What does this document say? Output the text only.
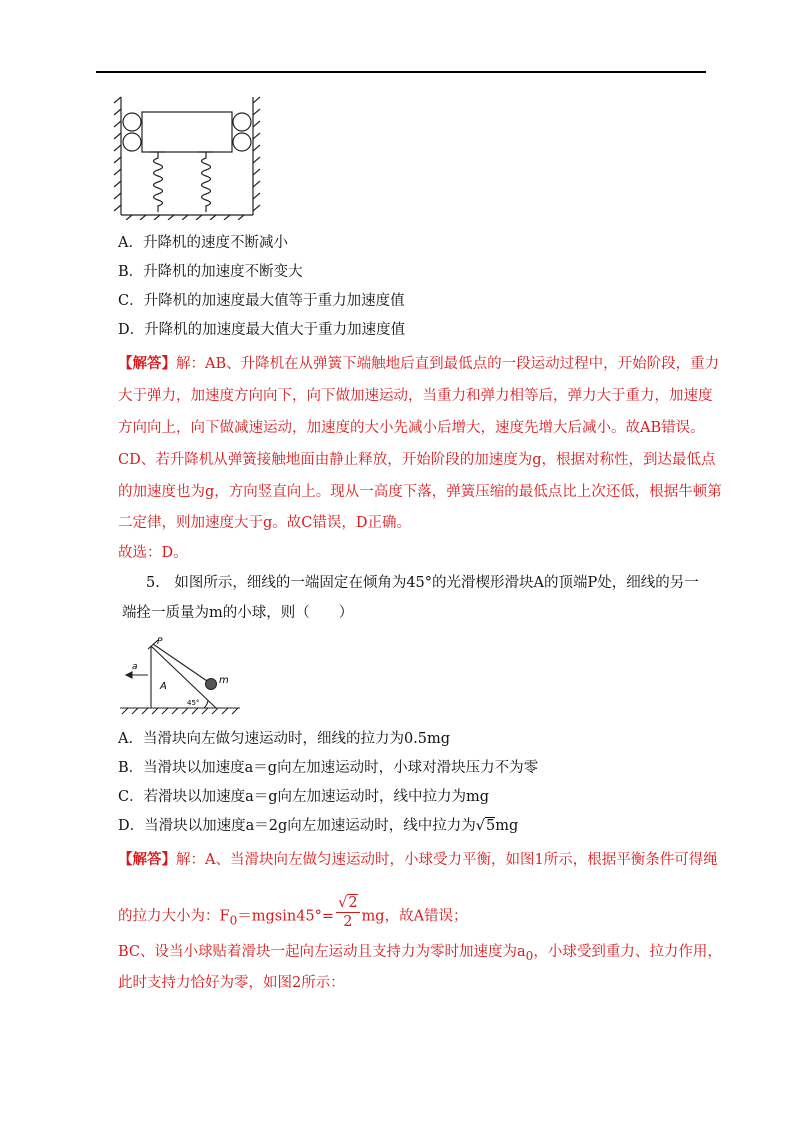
A．升降机的速度不断减小
B．升降机的加速度不断变大
C．升降机的加速度最大值等于重力加速度值
D．升降机的加速度最大值大于重力加速度值
【解答】解：AB、升降机在从弹簧下端触地后直到最低点的一段运动过程中，开始阶段，重力
大于弹力，加速度方向向下，向下做加速运动，当重力和弹力相等后，弹力大于重力，加速度
方向向上，向下做减速运动，加速度的大小先减小后增大，速度先增大后减小。故AB错误。
CD、若升降机从弹簧接触地面由静止释放，开始阶段的加速度为g，根据对称性，到达最低点
的加速度也为g，方向竖直向上。现从一高度下落，弹簧压缩的最低点比上次还低，根据牛顿第
二定律，则加速度大于g。故C错误，D正确。
故选：D。
5.　如图所示，细线的一端固定在倾角为45°的光滑楔形滑块A的顶端P处，细线的另一
端拴一质量为m的小球，则（　　）
P
a
A
m
45°
A．当滑块向左做匀速运动时，细线的拉力为0.5mg
B．当滑块以加速度a＝g向左加速运动时，小球对滑块压力不为零
C．若滑块以加速度a＝g向左加速运动时，线中拉力为mg
D．当滑块以加速度a＝2g向左加速运动时，线中拉力为√5mg
【解答】解：A、当滑块向左做匀速运动时，小球受力平衡，如图1所示，根据平衡条件可得绳
的拉力大小为：$F_0=mgsin45^\circ= \frac{√2}{2}$ mg，故A错误；
BC、设当小球贴着滑块一起向左运动且支持力为零时加速度为$a_0$，小球受到重力、拉力作用，
此时支持力恰好为零，如图2所示：
